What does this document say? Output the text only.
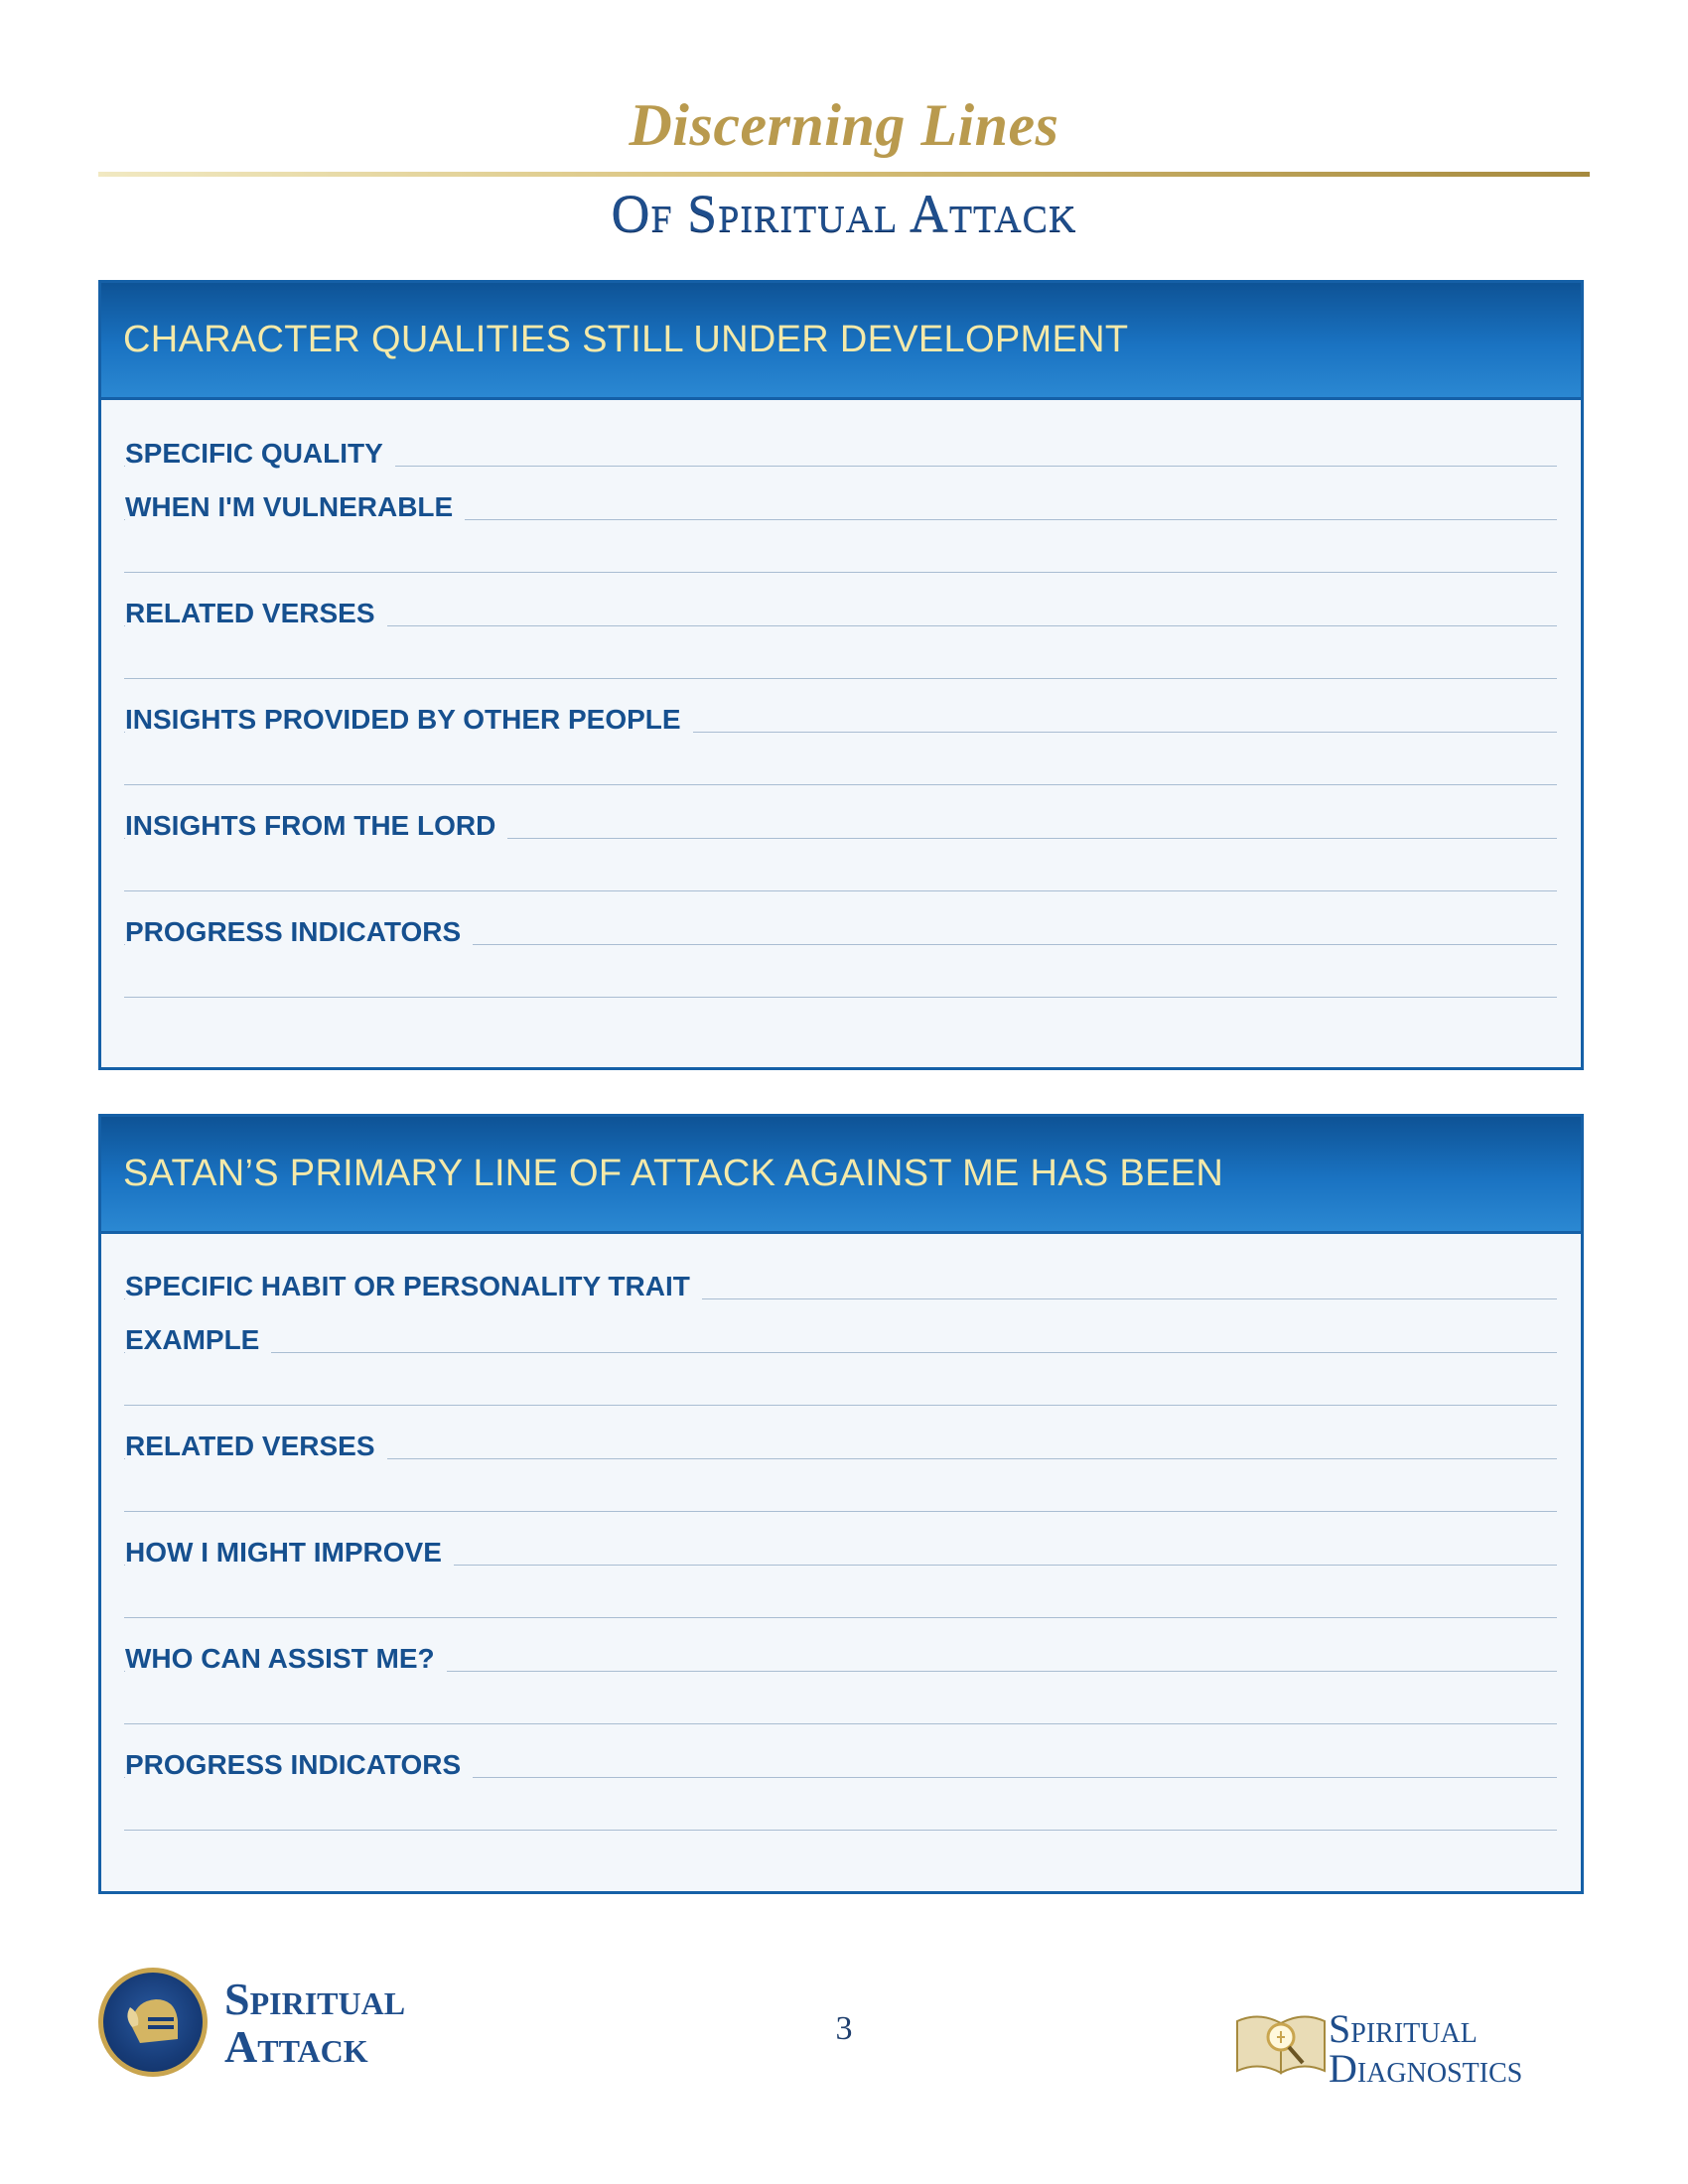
Discerning Lines
Of Spiritual Attack
CHARACTER QUALITIES STILL UNDER DEVELOPMENT
SPECIFIC QUALITY
WHEN I'M VULNERABLE
RELATED VERSES
INSIGHTS PROVIDED BY OTHER PEOPLE
INSIGHTS FROM THE LORD
PROGRESS INDICATORS
SATAN’S PRIMARY LINE OF ATTACK AGAINST ME HAS BEEN
SPECIFIC HABIT OR PERSONALITY TRAIT
EXAMPLE
RELATED VERSES
HOW I MIGHT IMPROVE
WHO CAN ASSIST ME?
PROGRESS INDICATORS
Spiritual
Attack	3	Spiritual
Diagnostics
